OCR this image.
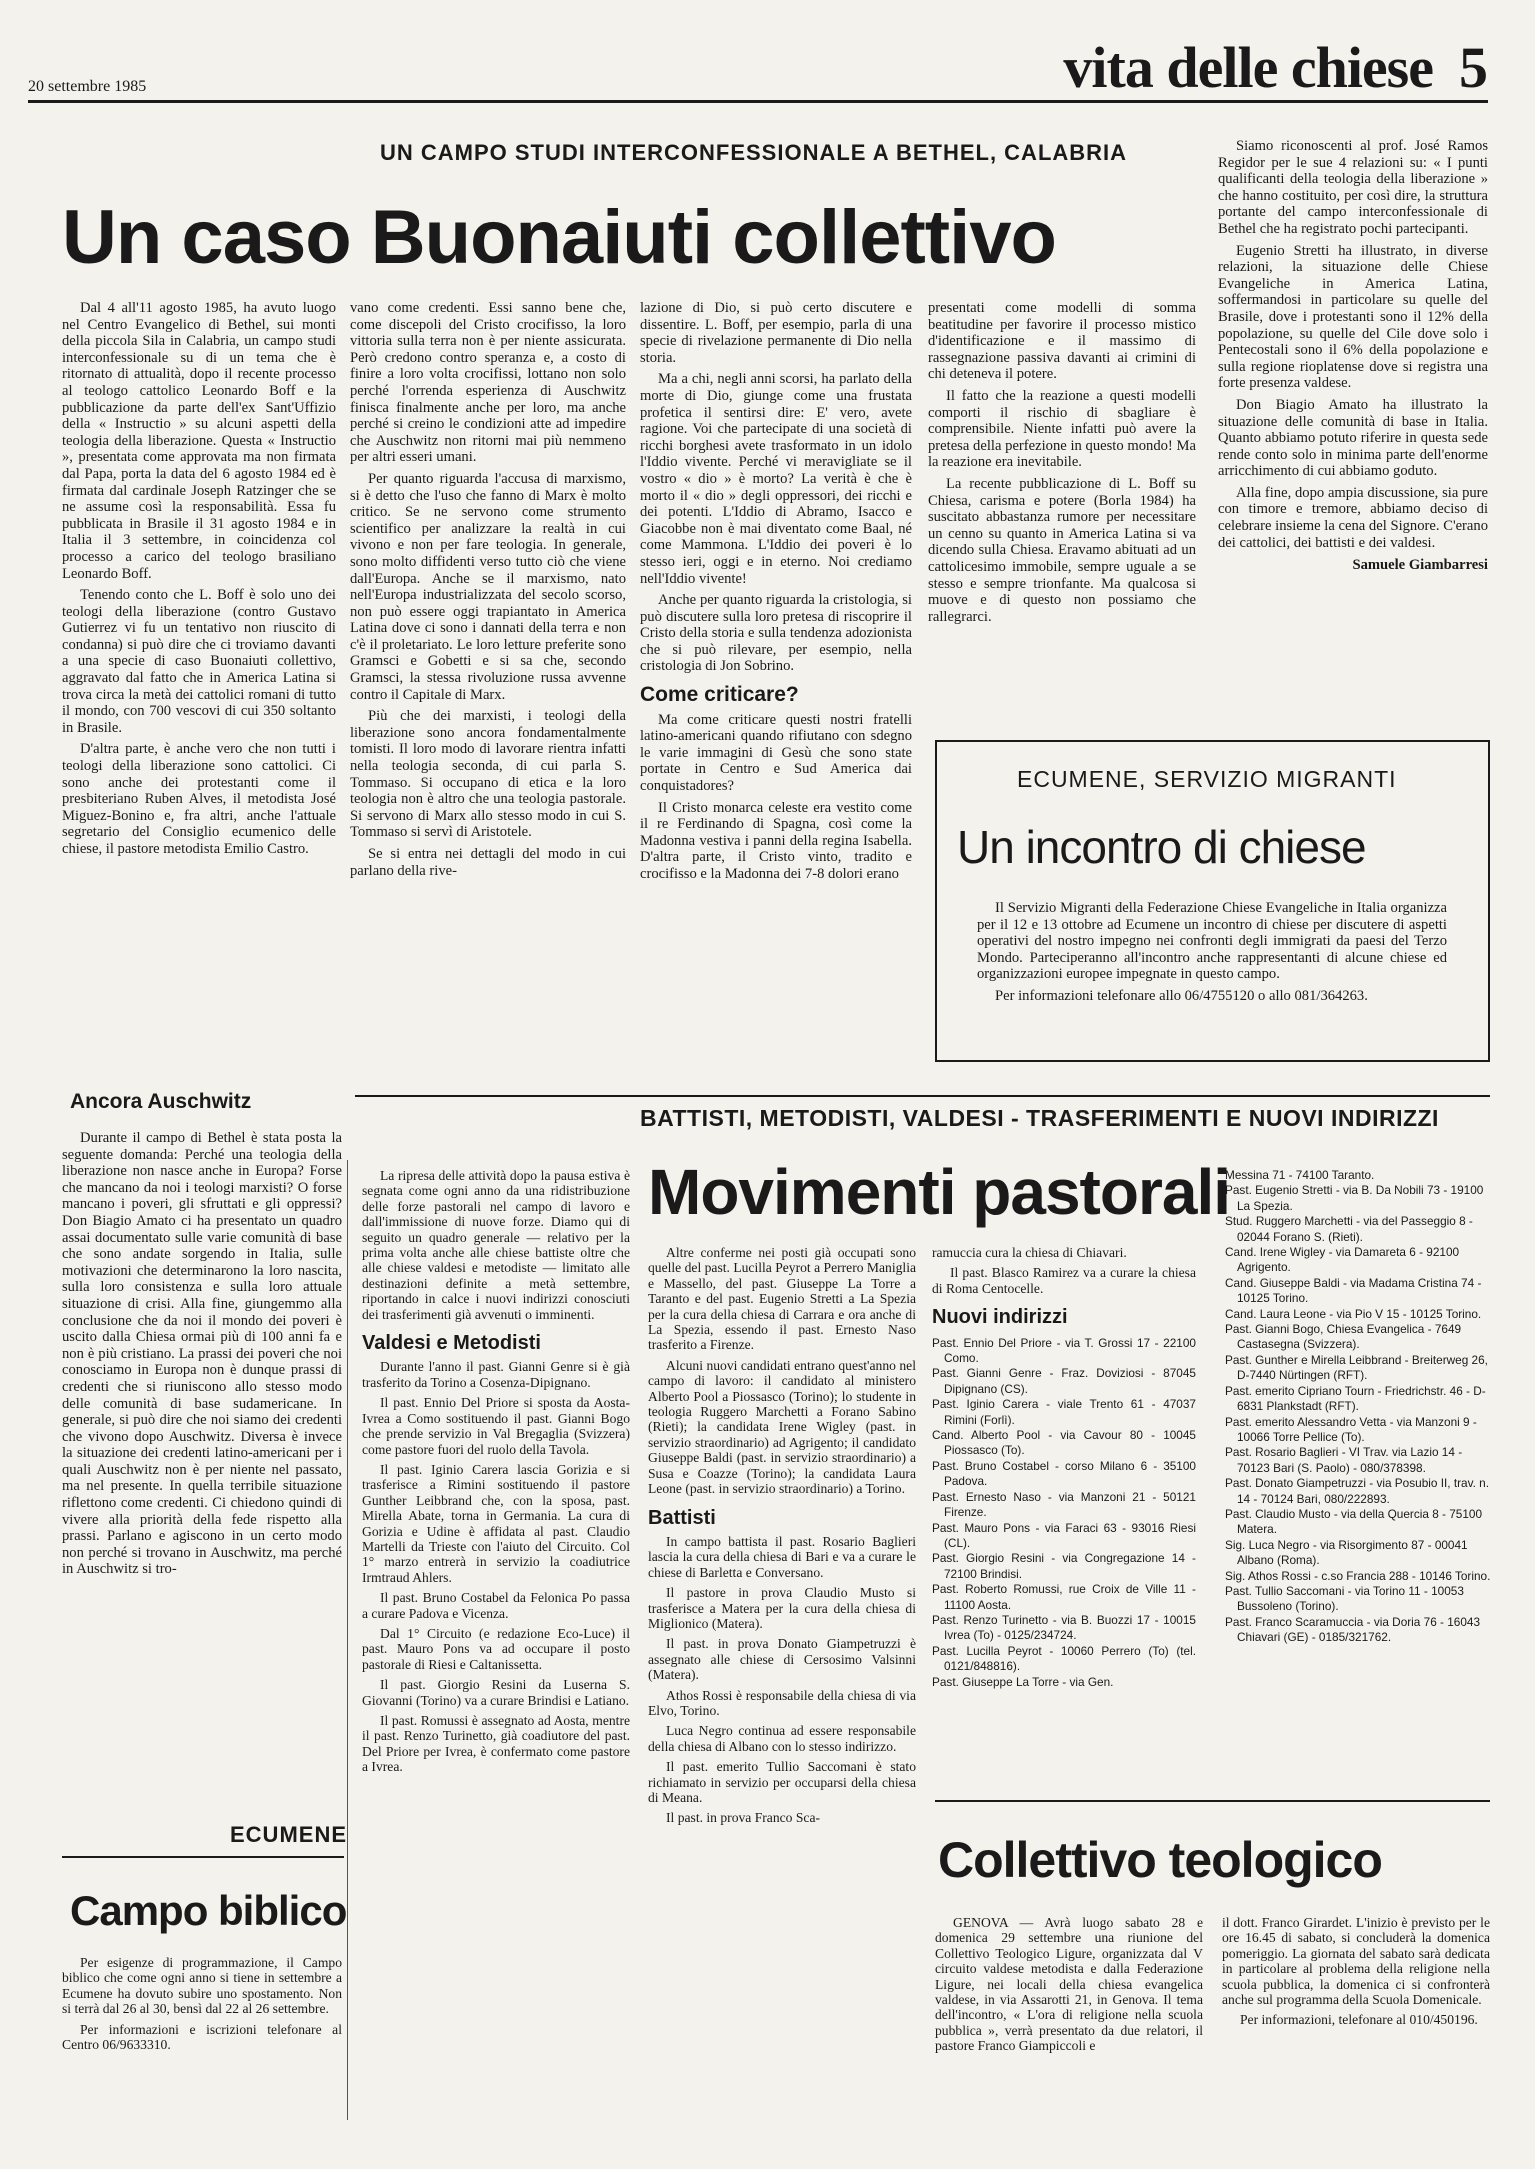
20 settembre 1985	vita delle chiese 5
UN CAMPO STUDI INTERCONFESSIONALE A BETHEL, CALABRIA
Un caso Buonaiuti collettivo

Dal 4 all'11 agosto 1985, ha avuto luogo nel Centro Evangelico di Bethel, sui monti della piccola Sila in Calabria, un campo studi interconfessionale su di un tema che è ritornato di attualità, dopo il recente processo al teologo cattolico Leonardo Boff e la pubblicazione da parte dell'ex Sant'Uffizio della « Instructio » su alcuni aspetti della teologia della liberazione. Questa « Instructio », presentata come approvata ma non firmata dal Papa, porta la data del 6 agosto 1984 ed è firmata dal cardinale Joseph Ratzinger che se ne assume così la responsabilità. Essa fu pubblicata in Brasile il 31 agosto 1984 e in Italia il 3 settembre, in coincidenza col processo a carico del teologo brasiliano Leonardo Boff.

Tenendo conto che L. Boff è solo uno dei teologi della liberazione (contro Gustavo Gutierrez vi fu un tentativo non riuscito di condanna) si può dire che ci troviamo davanti a una specie di caso Buonaiuti collettivo, aggravato dal fatto che in America Latina si trova circa la metà dei cattolici romani di tutto il mondo, con 700 vescovi di cui 350 soltanto in Brasile.

D'altra parte, è anche vero che non tutti i teologi della liberazione sono cattolici. Ci sono anche dei protestanti come il presbiteriano Ruben Alves, il metodista José Miguez-Bonino e, fra altri, anche l'attuale segretario del Consiglio ecumenico delle chiese, il pastore metodista Emilio Castro.

vano come credenti. Essi sanno bene che, come discepoli del Cristo crocifisso, la loro vittoria sulla terra non è per niente assicurata. Però credono contro speranza e, a costo di finire a loro volta crocifissi, lottano non solo perché l'orrenda esperienza di Auschwitz finisca finalmente anche per loro, ma anche perché si creino le condizioni atte ad impedire che Auschwitz non ritorni mai più nemmeno per altri esseri umani.

Per quanto riguarda l'accusa di marxismo, si è detto che l'uso che fanno di Marx è molto critico. Se ne servono come strumento scientifico per analizzare la realtà in cui vivono e non per fare teologia. In generale, sono molto diffidenti verso tutto ciò che viene dall'Europa. Anche se il marxismo, nato nell'Europa industrializzata del secolo scorso, non può essere oggi trapiantato in America Latina dove ci sono i dannati della terra e non c'è il proletariato. Le loro letture preferite sono Gramsci e Gobetti e si sa che, secondo Gramsci, la stessa rivoluzione russa avvenne contro il Capitale di Marx.

Più che dei marxisti, i teologi della liberazione sono ancora fondamentalmente tomisti. Il loro modo di lavorare rientra infatti nella teologia seconda, di cui parla S. Tommaso. Si occupano di etica e la loro teologia non è altro che una teologia pastorale. Si servono di Marx allo stesso modo in cui S. Tommaso si servì di Aristotele.

Se si entra nei dettagli del modo in cui parlano della rive-

lazione di Dio, si può certo discutere e dissentire. L. Boff, per esempio, parla di una specie di rivelazione permanente di Dio nella storia.

Ma a chi, negli anni scorsi, ha parlato della morte di Dio, giunge come una frustata profetica il sentirsi dire: E' vero, avete ragione. Voi che partecipate di una società di ricchi borghesi avete trasformato in un idolo l'Iddio vivente. Perché vi meravigliate se il vostro « dio » è morto? La verità è che è morto il « dio » degli oppressori, dei ricchi e dei potenti. L'Iddio di Abramo, Isacco e Giacobbe non è mai diventato come Baal, né come Mammona. L'Iddio dei poveri è lo stesso ieri, oggi e in eterno. Noi crediamo nell'Iddio vivente!

Anche per quanto riguarda la cristologia, si può discutere sulla loro pretesa di riscoprire il Cristo della storia e sulla tendenza adozionista che si può rilevare, per esempio, nella cristologia di Jon Sobrino.

Come criticare?

Ma come criticare questi nostri fratelli latino-americani quando rifiutano con sdegno le varie immagini di Gesù che sono state portate in Centro e Sud America dai conquistadores?

Il Cristo monarca celeste era vestito come il re Ferdinando di Spagna, così come la Madonna vestiva i panni della regina Isabella. D'altra parte, il Cristo vinto, tradito e crocifisso e la Madonna dei 7-8 dolori erano

presentati come modelli di somma beatitudine per favorire il processo mistico d'identificazione e il massimo di rassegnazione passiva davanti ai crimini di chi deteneva il potere.

Il fatto che la reazione a questi modelli comporti il rischio di sbagliare è comprensibile. Niente infatti può avere la pretesa della perfezione in questo mondo! Ma la reazione era inevitabile.

La recente pubblicazione di L. Boff su Chiesa, carisma e potere (Borla 1984) ha suscitato abbastanza rumore per necessitare un cenno su quanto in America Latina si va dicendo sulla Chiesa. Eravamo abituati ad un cattolicesimo immobile, sempre uguale a se stesso e sempre trionfante. Ma qualcosa si muove e di questo non possiamo che rallegrarci.

Siamo riconoscenti al prof. José Ramos Regidor per le sue 4 relazioni su: « I punti qualificanti della teologia della liberazione » che hanno costituito, per così dire, la struttura portante del campo interconfessionale di Bethel che ha registrato pochi partecipanti.

Eugenio Stretti ha illustrato, in diverse relazioni, la situazione delle Chiese Evangeliche in America Latina, soffermandosi in particolare su quelle del Brasile, dove i protestanti sono il 12% della popolazione, su quelle del Cile dove solo i Pentecostali sono il 6% della popolazione e sulla regione rioplatense dove si registra una forte presenza valdese.

Don Biagio Amato ha illustrato la situazione delle comunità di base in Italia. Quanto abbiamo potuto riferire in questa sede rende conto solo in minima parte dell'enorme arricchimento di cui abbiamo goduto.

Alla fine, dopo ampia discussione, sia pure con timore e tremore, abbiamo deciso di celebrare insieme la cena del Signore. C'erano dei cattolici, dei battisti e dei valdesi.

Samuele Giambarresi
ECUMENE, SERVIZIO MIGRANTI
Un incontro di chiese

Il Servizio Migranti della Federazione Chiese Evangeliche in Italia organizza per il 12 e 13 ottobre ad Ecumene un incontro di chiese per discutere di aspetti operativi del nostro impegno nei confronti degli immigrati da paesi del Terzo Mondo. Parteciperanno all'incontro anche rappresentanti di alcune chiese ed organizzazioni europee impegnate in questo campo.

Per informazioni telefonare allo 06/4755120 o allo 081/364263.

Ancora Auschwitz

Durante il campo di Bethel è stata posta la seguente domanda: Perché una teologia della liberazione non nasce anche in Europa? Forse che mancano da noi i teologi marxisti? O forse mancano i poveri, gli sfruttati e gli oppressi? Don Biagio Amato ci ha presentato un quadro assai documentato sulle varie comunità di base che sono andate sorgendo in Italia, sulle motivazioni che determinarono la loro nascita, sulla loro consistenza e sulla loro attuale situazione di crisi. Alla fine, giungemmo alla conclusione che da noi il mondo dei poveri è uscito dalla Chiesa ormai più di 100 anni fa e non è più cristiano. La prassi dei poveri che noi conosciamo in Europa non è dunque prassi di credenti che si riuniscono allo stesso modo delle comunità di base sudamericane. In generale, si può dire che noi siamo dei credenti che vivono dopo Auschwitz. Diversa è invece la situazione dei credenti latino-americani per i quali Auschwitz non è per niente nel passato, ma nel presente. In quella terribile situazione riflettono come credenti. Ci chiedono quindi di vivere alla priorità della fede rispetto alla prassi. Parlano e agiscono in un certo modo non perché si trovano in Auschwitz, ma perché in Auschwitz si tro-

BATTISTI, METODISTI, VALDESI - TRASFERIMENTI E NUOVI INDIRIZZI

La ripresa delle attività dopo la pausa estiva è segnata come ogni anno da una ridistribuzione delle forze pastorali nel campo di lavoro e dall'immissione di nuove forze. Diamo qui di seguito un quadro generale — relativo per la prima volta anche alle chiese battiste oltre che alle chiese valdesi e metodiste — limitato alle destinazioni definite a metà settembre, riportando in calce i nuovi indirizzi conosciuti dei trasferimenti già avvenuti o imminenti.

Valdesi e Metodisti

Durante l'anno il past. Gianni Genre si è già trasferito da Torino a Cosenza-Dipignano.

Il past. Ennio Del Priore si sposta da Aosta-Ivrea a Como sostituendo il past. Gianni Bogo che prende servizio in Val Bregaglia (Svizzera) come pastore fuori del ruolo della Tavola.

Il past. Iginio Carera lascia Gorizia e si trasferisce a Rimini sostituendo il pastore Gunther Leibbrand che, con la sposa, past. Mirella Abate, torna in Germania. La cura di Gorizia e Udine è affidata al past. Claudio Martelli da Trieste con l'aiuto del Circuito. Col 1° marzo entrerà in servizio la coadiutrice Irmtraud Ahlers.

Il past. Bruno Costabel da Felonica Po passa a curare Padova e Vicenza.

Dal 1° Circuito (e redazione Eco-Luce) il past. Mauro Pons va ad occupare il posto pastorale di Riesi e Caltanissetta.

Il past. Giorgio Resini da Luserna S. Giovanni (Torino) va a curare Brindisi e Latiano.

Il past. Romussi è assegnato ad Aosta, mentre il past. Renzo Turinetto, già coadiutore del past. Del Priore per Ivrea, è confermato come pastore a Ivrea.

Movimenti pastorali

Altre conferme nei posti già occupati sono quelle del past. Lucilla Peyrot a Perrero Maniglia e Massello, del past. Giuseppe La Torre a Taranto e del past. Eugenio Stretti a La Spezia per la cura della chiesa di Carrara e ora anche di La Spezia, essendo il past. Ernesto Naso trasferito a Firenze.

Alcuni nuovi candidati entrano quest'anno nel campo di lavoro: il candidato al ministero Alberto Pool a Piossasco (Torino); lo studente in teologia Ruggero Marchetti a Forano Sabino (Rieti); la candidata Irene Wigley (past. in servizio straordinario) ad Agrigento; il candidato Giuseppe Baldi (past. in servizio straordinario) a Susa e Coazze (Torino); la candidata Laura Leone (past. in servizio straordinario) a Torino.

Battisti

In campo battista il past. Rosario Baglieri lascia la cura della chiesa di Bari e va a curare le chiese di Barletta e Conversano.

Il pastore in prova Claudio Musto si trasferisce a Matera per la cura della chiesa di Miglionico (Matera).

Il past. in prova Donato Giampetruzzi è assegnato alle chiese di Cersosimo Valsinni (Matera).

Athos Rossi è responsabile della chiesa di via Elvo, Torino.

Luca Negro continua ad essere responsabile della chiesa di Albano con lo stesso indirizzo.

Il past. emerito Tullio Saccomani è stato richiamato in servizio per occuparsi della chiesa di Meana.

Il past. in prova Franco Sca-

ramuccia cura la chiesa di Chiavari.

Il past. Blasco Ramirez va a curare la chiesa di Roma Centocelle.

Nuovi indirizzi
Past. Ennio Del Priore - via T. Grossi 17 - 22100 Como.
Past. Gianni Genre - Fraz. Doviziosi - 87045 Dipignano (CS).
Past. Iginio Carera - viale Trento 61 - 47037 Rimini (Forlì).
Cand. Alberto Pool - via Cavour 80 - 10045 Piossasco (To).
Past. Bruno Costabel - corso Milano 6 - 35100 Padova.
Past. Ernesto Naso - via Manzoni 21 - 50121 Firenze.
Past. Mauro Pons - via Faraci 63 - 93016 Riesi (CL).
Past. Giorgio Resini - via Congregazione 14 - 72100 Brindisi.
Past. Roberto Romussi, rue Croix de Ville 11 - 11100 Aosta.
Past. Renzo Turinetto - via B. Buozzi 17 - 10015 Ivrea (To) - 0125/234724.
Past. Lucilla Peyrot - 10060 Perrero (To) (tel. 0121/848816).
Past. Giuseppe La Torre - via Gen.
Messina 71 - 74100 Taranto.
Past. Eugenio Stretti - via B. Da Nobili 73 - 19100 La Spezia.
Stud. Ruggero Marchetti - via del Passeggio 8 - 02044 Forano S. (Rieti).
Cand. Irene Wigley - via Damareta 6 - 92100 Agrigento.
Cand. Giuseppe Baldi - via Madama Cristina 74 - 10125 Torino.
Cand. Laura Leone - via Pio V 15 - 10125 Torino.
Past. Gianni Bogo, Chiesa Evangelica - 7649 Castasegna (Svizzera).
Past. Gunther e Mirella Leibbrand - Breiterweg 26, D-7440 Nürtingen (RFT).
Past. emerito Cipriano Tourn - Friedrichstr. 46 - D-6831 Plankstadt (RFT).
Past. emerito Alessandro Vetta - via Manzoni 9 - 10066 Torre Pellice (To).
Past. Rosario Baglieri - VI Trav. via Lazio 14 - 70123 Bari (S. Paolo) - 080/378398.
Past. Donato Giampetruzzi - via Posubio II, trav. n. 14 - 70124 Bari, 080/222893.
Past. Claudio Musto - via della Quercia 8 - 75100 Matera.
Sig. Luca Negro - via Risorgimento 87 - 00041 Albano (Roma).
Sig. Athos Rossi - c.so Francia 288 - 10146 Torino.
Past. Tullio Saccomani - via Torino 11 - 10053 Bussoleno (Torino).
Past. Franco Scaramuccia - via Doria 76 - 16043 Chiavari (GE) - 0185/321762.
ECUMENE
Campo biblico

Per esigenze di programmazione, il Campo biblico che come ogni anno si tiene in settembre a Ecumene ha dovuto subire uno spostamento. Non si terrà dal 26 al 30, bensì dal 22 al 26 settembre.

Per informazioni e iscrizioni telefonare al Centro 06/9633310.

Collettivo teologico

GENOVA — Avrà luogo sabato 28 e domenica 29 settembre una riunione del Collettivo Teologico Ligure, organizzata dal V circuito valdese metodista e dalla Federazione Ligure, nei locali della chiesa evangelica valdese, in via Assarotti 21, in Genova. Il tema dell'incontro, « L'ora di religione nella scuola pubblica », verrà presentato da due relatori, il pastore Franco Giampiccoli e

il dott. Franco Girardet. L'inizio è previsto per le ore 16.45 di sabato, si concluderà la domenica pomeriggio. La giornata del sabato sarà dedicata in particolare al problema della religione nella scuola pubblica, la domenica ci si confronterà anche sul programma della Scuola Domenicale.

Per informazioni, telefonare al 010/450196.
